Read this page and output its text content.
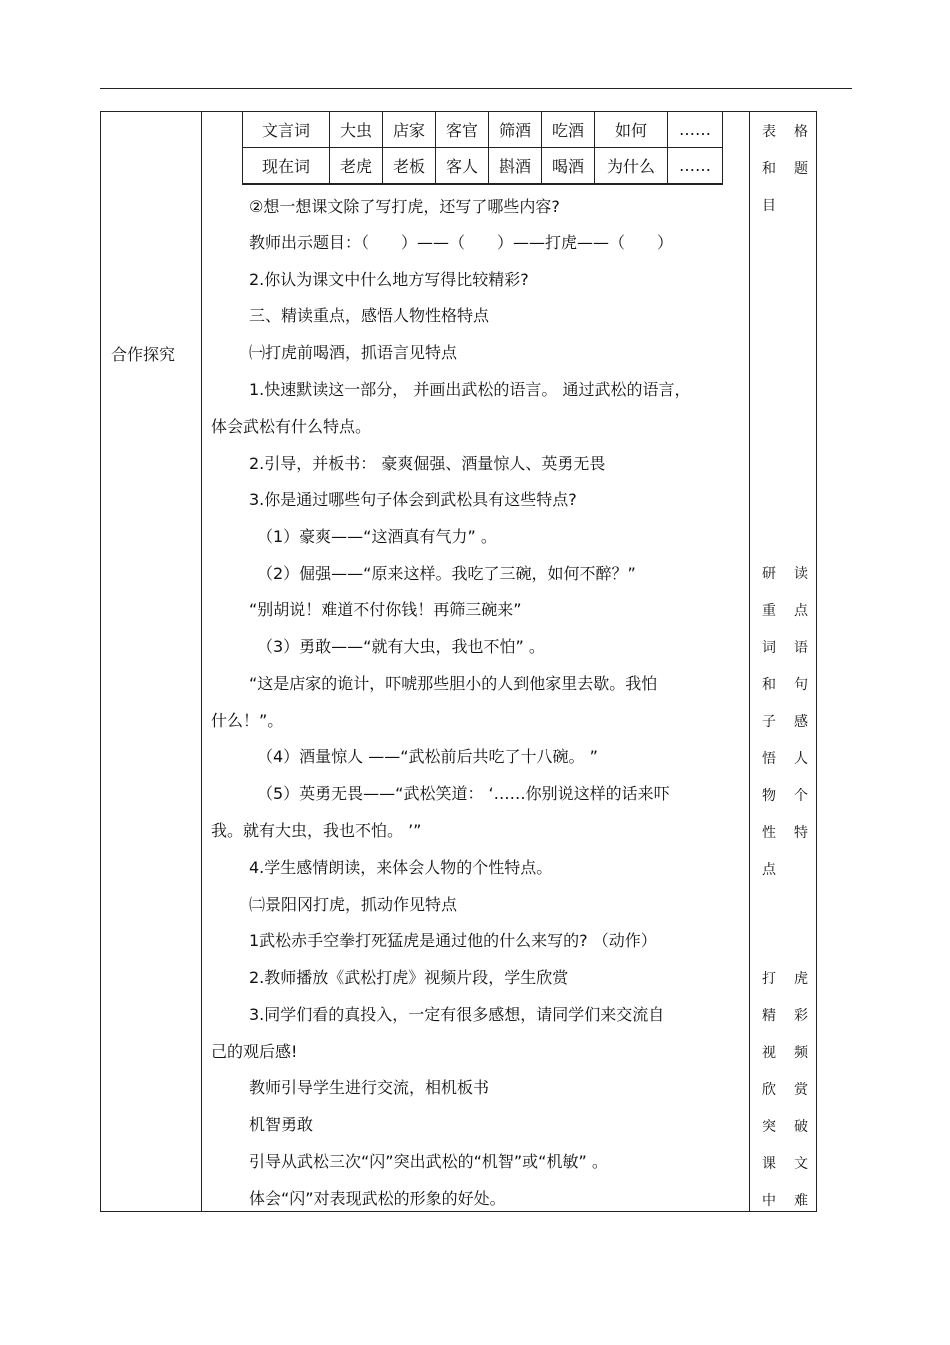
合作探究
文言词	大虫	店家	客官	筛酒	吃酒	如何	……
现在词	老虎	老板	客人	斟酒	喝酒	为什么	……
②想一想课文除了写打虎，还写了哪些内容?
教师出示题目：（　　）——（　　）——打虎——（　　）
2.你认为课文中什么地方写得比较精彩?
三、精读重点，感悟人物性格特点
㈠打虎前喝酒，抓语言见特点
1.快速默读这一部分， 并画出武松的语言。 通过武松的语言，
体会武松有什么特点。
2.引导，并板书： 豪爽倔强、酒量惊人、英勇无畏
3.你是通过哪些句子体会到武松具有这些特点?
（1）豪爽——“这酒真有气力” 。
（2）倔强——“原来这样。我吃了三碗，如何不醉？”
“别胡说！难道不付你钱！再筛三碗来”
（3）勇敢——“就有大虫，我也不怕” 。
“这是店家的诡计，吓唬那些胆小的人到他家里去歇。我怕
什么！”。
（4）酒量惊人 ——“武松前后共吃了十八碗。 ”
（5）英勇无畏——“武松笑道： ‘……你别说这样的话来吓
我。就有大虫，我也不怕。 ’”
4.学生感情朗读，来体会人物的个性特点。
㈡景阳冈打虎，抓动作见特点
1武松赤手空拳打死猛虎是通过他的什么来写的? （动作）
2.教师播放《武松打虎》视频片段，学生欣赏
3.同学们看的真投入，一定有很多感想，请同学们来交流自
己的观后感!
教师引导学生进行交流，相机板书
机智勇敢
引导从武松三次“闪”突出武松的“机智”或“机敏” 。
体会“闪”对表现武松的形象的好处。
表
和
目
格
题
研
重
词
和
子
悟
物
性
点
读
点
语
句
感
人
个
特
打
精
视
欣
突
课
中
虎
彩
频
赏
破
文
难
